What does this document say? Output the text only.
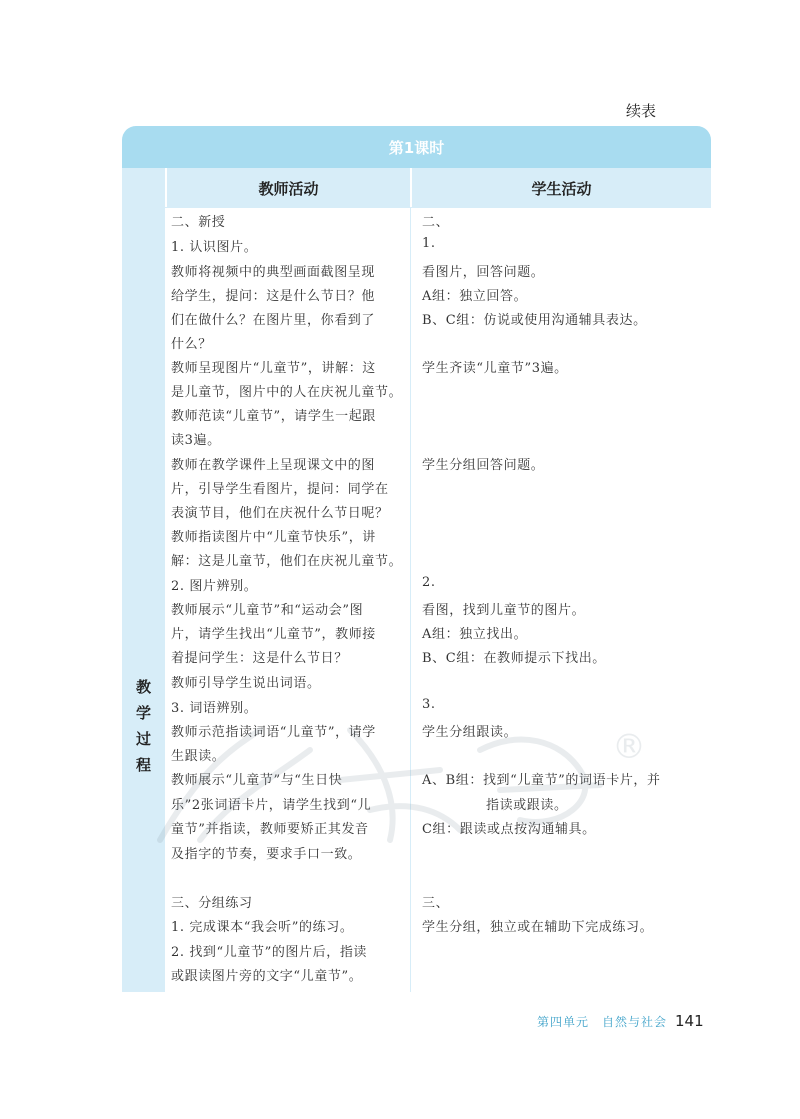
续表
第1课时
教师活动	学生活动
教
学
过
程
二、新授
1. 认识图片。
教师将视频中的典型画面截图呈现
给学生，提问：这是什么节日？他
们在做什么？在图片里，你看到了
什么？
教师呈现图片“儿童节”，讲解：这
是儿童节，图片中的人在庆祝儿童节。
教师范读“儿童节”，请学生一起跟
读3遍。
教师在教学课件上呈现课文中的图
片，引导学生看图片，提问：同学在
表演节目，他们在庆祝什么节日呢？
教师指读图片中“儿童节快乐”，讲
解：这是儿童节，他们在庆祝儿童节。
2. 图片辨别。
教师展示“儿童节”和“运动会”图
片，请学生找出“儿童节”，教师接
着提问学生：这是什么节日？
教师引导学生说出词语。
3. 词语辨别。
教师示范指读词语“儿童节”，请学
生跟读。
教师展示“儿童节”与“生日快
乐”2张词语卡片，请学生找到“儿
童节”并指读，教师要矫正其发音
及指字的节奏，要求手口一致。
三、分组练习
1. 完成课本“我会听”的练习。
2. 找到“儿童节”的图片后，指读
或跟读图片旁的文字“儿童节”。
二、
1.
看图片，回答问题。
A组：独立回答。
B、C组：仿说或使用沟通辅具表达。
学生齐读“儿童节”3遍。
学生分组回答问题。
2.
看图，找到儿童节的图片。
A组：独立找出。
B、C组：在教师提示下找出。
3.
学生分组跟读。
A、B组：找到“儿童节”的词语卡片，并
指读或跟读。
C组：跟读或点按沟通辅具。
三、
学生分组，独立或在辅助下完成练习。
®
第四单元　自然与社会 141
